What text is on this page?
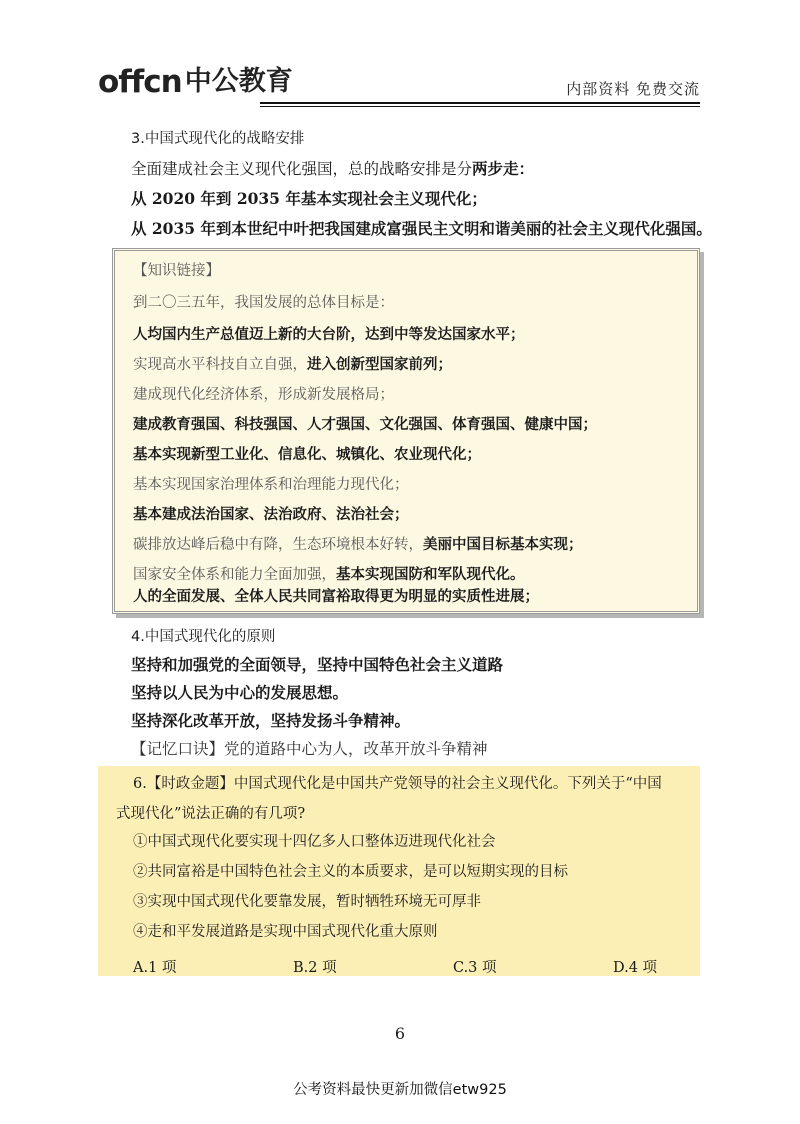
offcn 中公教育	内部资料 免费交流
3.中国式现代化的战略安排
全面建成社会主义现代化强国，总的战略安排是分两步走：
从 2020 年到 2035 年基本实现社会主义现代化；
从 2035 年到本世纪中叶把我国建成富强民主文明和谐美丽的社会主义现代化强国。
【知识链接】
到二〇三五年，我国发展的总体目标是：
人均国内生产总值迈上新的大台阶，达到中等发达国家水平；
实现高水平科技自立自强，进入创新型国家前列；
建成现代化经济体系，形成新发展格局；
建成教育强国、科技强国、人才强国、文化强国、体育强国、健康中国；
基本实现新型工业化、信息化、城镇化、农业现代化；
基本实现国家治理体系和治理能力现代化；
基本建成法治国家、法治政府、法治社会；
碳排放达峰后稳中有降，生态环境根本好转，美丽中国目标基本实现；
国家安全体系和能力全面加强，基本实现国防和军队现代化。
人的全面发展、全体人民共同富裕取得更为明显的实质性进展；
4.中国式现代化的原则
坚持和加强党的全面领导，坚持中国特色社会主义道路
坚持以人民为中心的发展思想。
坚持深化改革开放，坚持发扬斗争精神。
【记忆口诀】党的道路中心为人，改革开放斗争精神
6.【时政金题】中国式现代化是中国共产党领导的社会主义现代化。下列关于“中国
式现代化”说法正确的有几项?
①中国式现代化要实现十四亿多人口整体迈进现代化社会
②共同富裕是中国特色社会主义的本质要求，是可以短期实现的目标
③实现中国式现代化要靠发展，暂时牺牲环境无可厚非
④走和平发展道路是实现中国式现代化重大原则
A.1 项	B.2 项	C.3 项	D.4 项
6
公考资料最快更新加微信etw925
